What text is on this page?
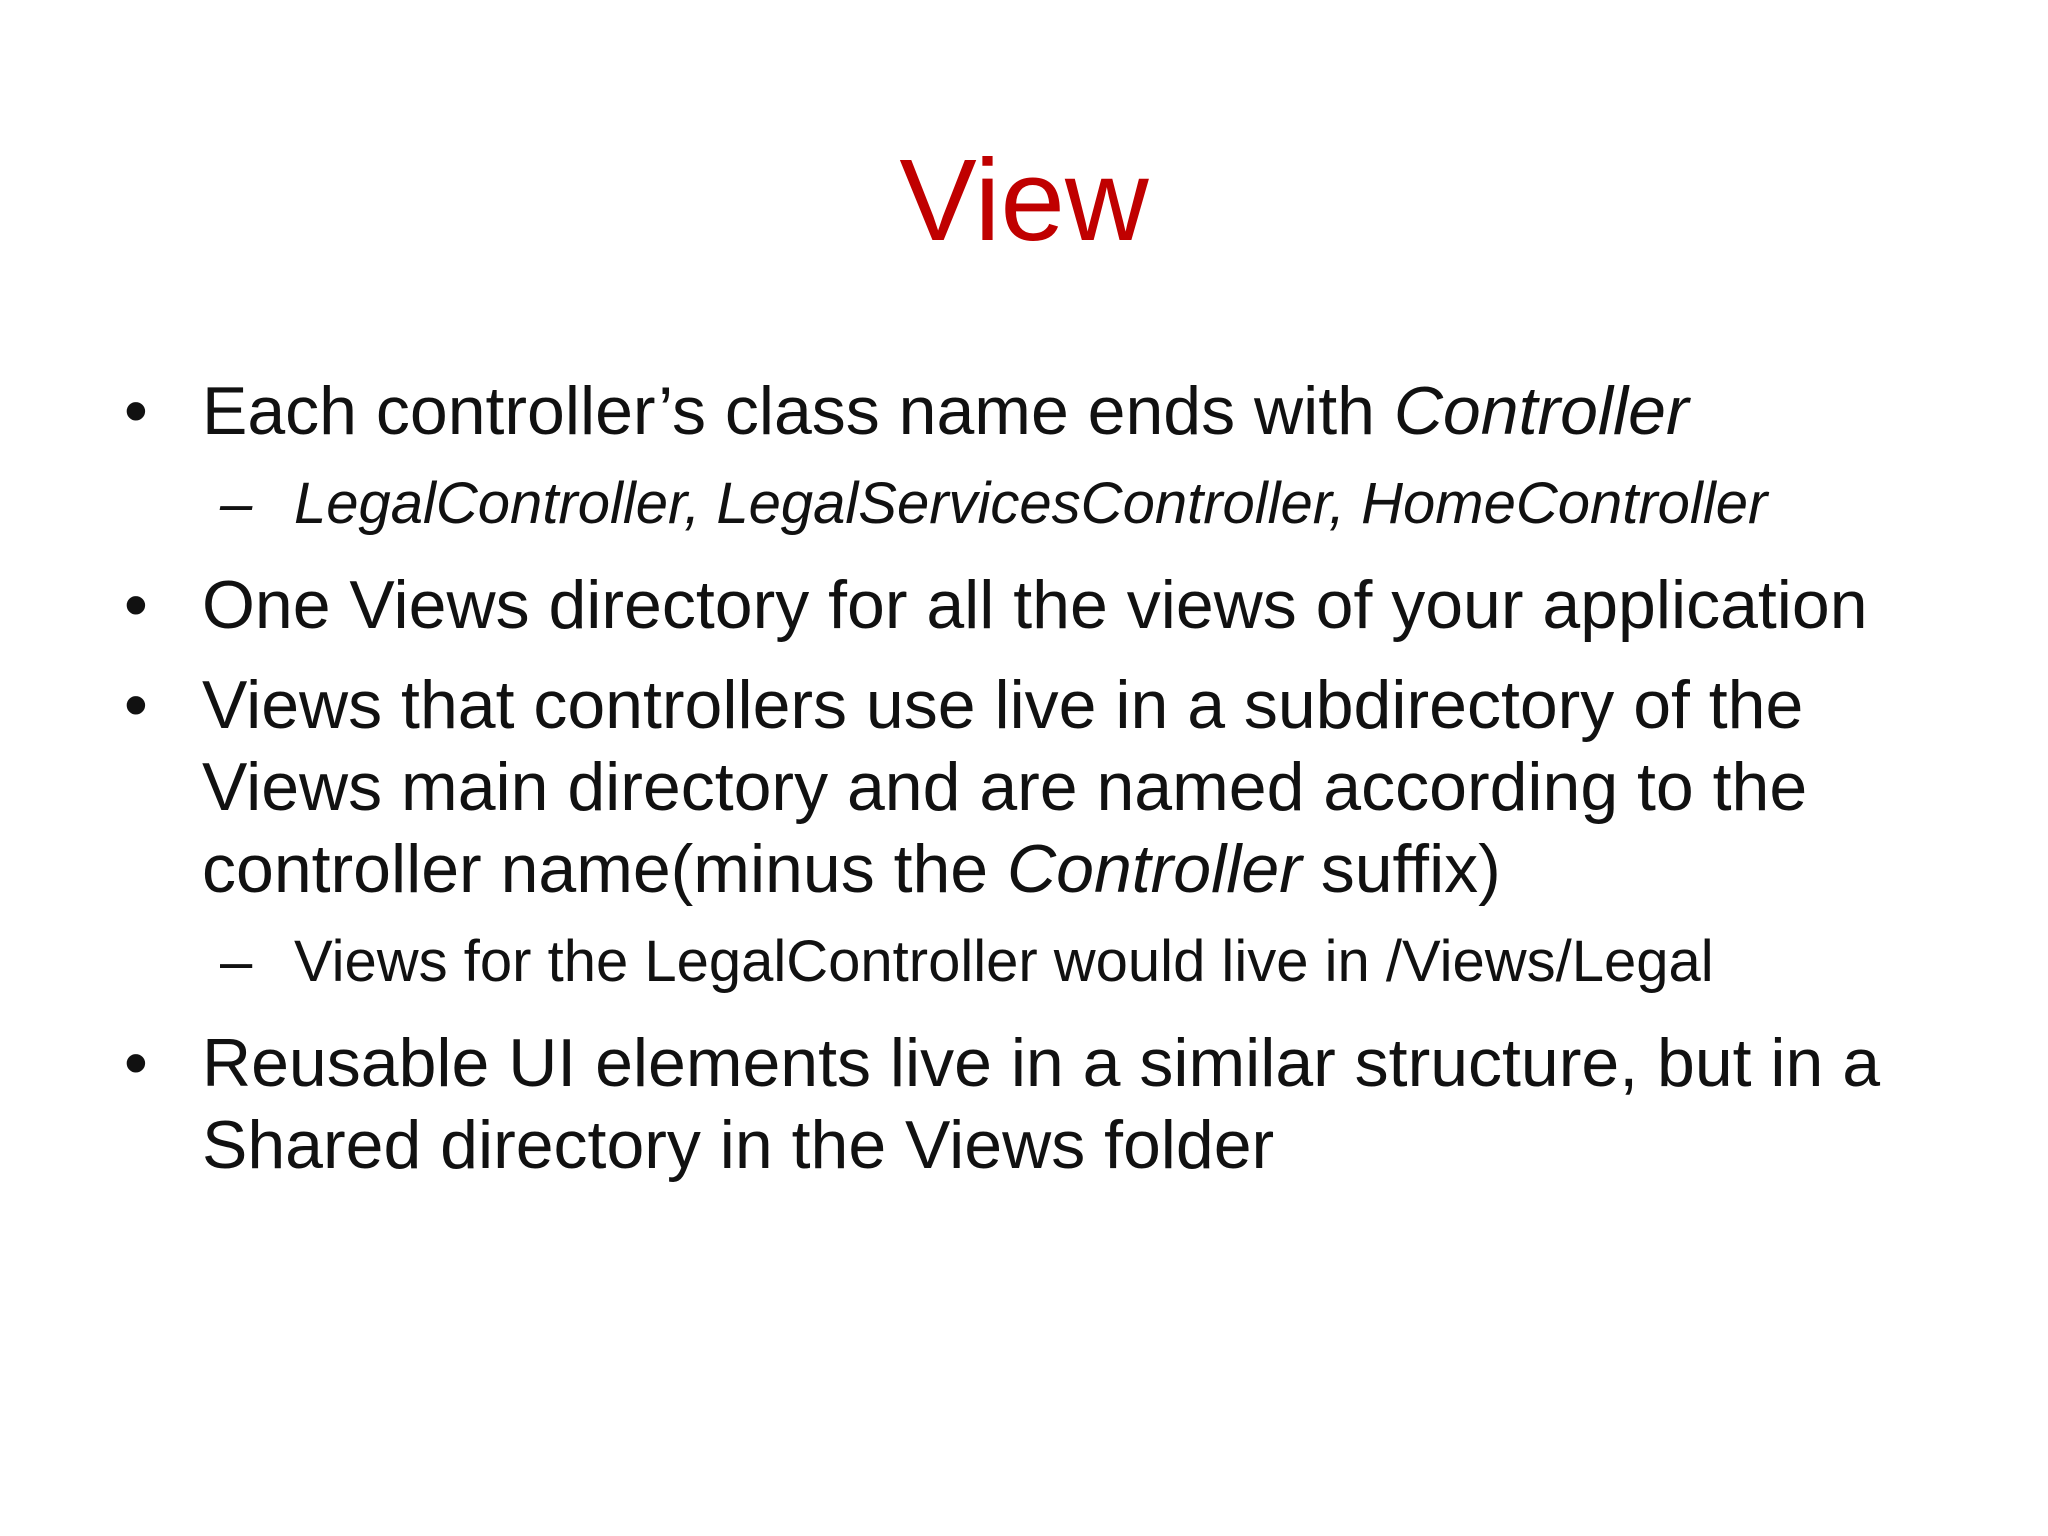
View
• Each controller’s class name ends with Controller
– LegalController, LegalServicesController, HomeController
• One Views directory for all the views of your application
• Views that controllers use live in a subdirectory of the Views main directory and are named according to the controller name(minus the Controller suffix)
– Views for the LegalController would live in /Views/Legal
• Reusable UI elements live in a similar structure, but in a Shared directory in the Views folder
